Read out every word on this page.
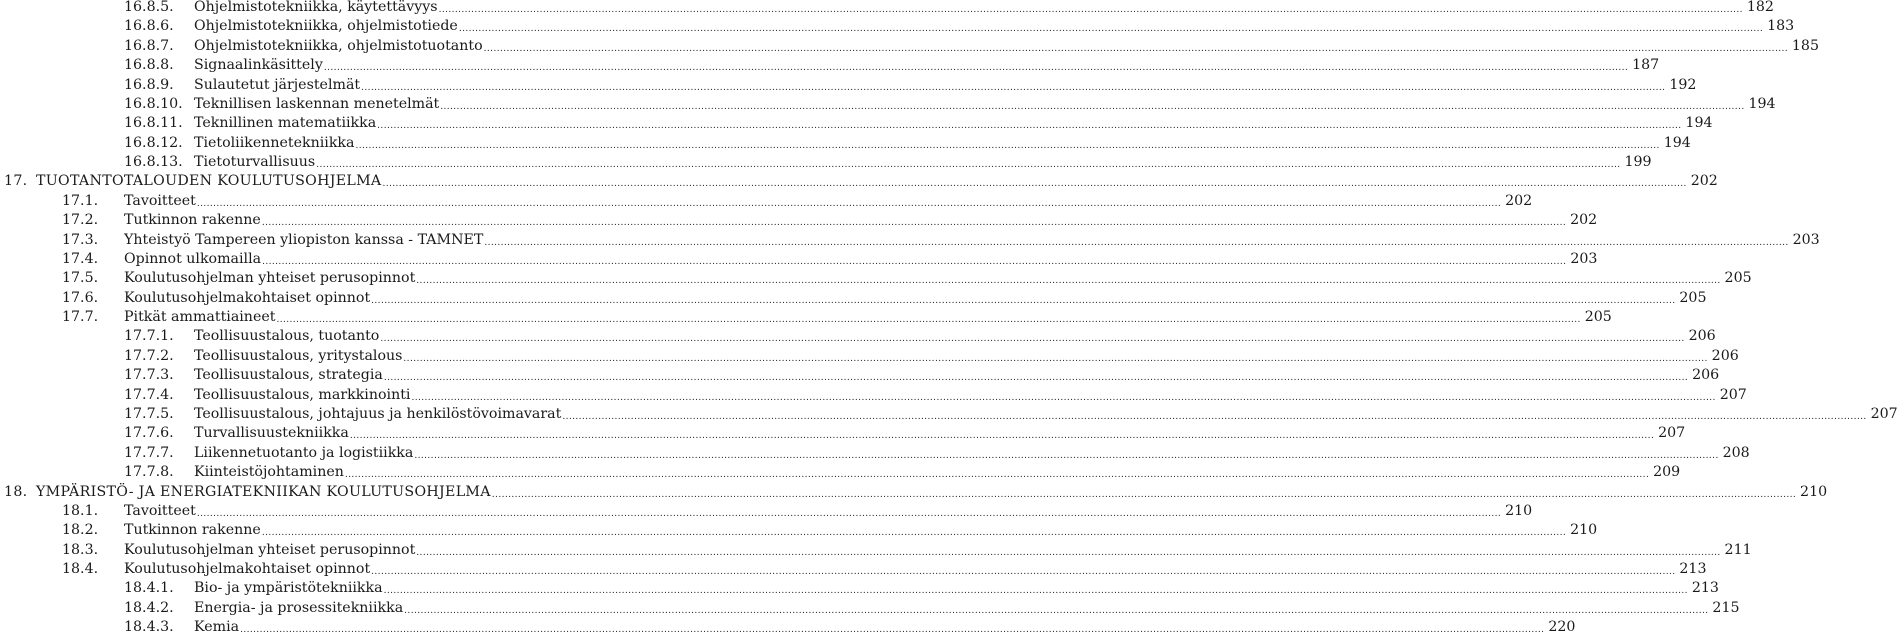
16.8.5. Ohjelmistotekniikka, käytettävyys ................................................................................................................................................................................................................................................................................................................................................................................................................ 182
16.8.6. Ohjelmistotekniikka, ohjelmistotiede ................................................................................................................................................................................................................................................................................................................................................................................................................ 183
16.8.7. Ohjelmistotekniikka, ohjelmistotuotanto ................................................................................................................................................................................................................................................................................................................................................................................................................ 185
16.8.8. Signaalinkäsittely ................................................................................................................................................................................................................................................................................................................................................................................................................ 187
16.8.9. Sulautetut järjestelmät ................................................................................................................................................................................................................................................................................................................................................................................................................ 192
16.8.10. Teknillisen laskennan menetelmät ................................................................................................................................................................................................................................................................................................................................................................................................................ 194
16.8.11. Teknillinen matematiikka ................................................................................................................................................................................................................................................................................................................................................................................................................ 194
16.8.12. Tietoliikennetekniikka ................................................................................................................................................................................................................................................................................................................................................................................................................ 194
16.8.13. Tietoturvallisuus ................................................................................................................................................................................................................................................................................................................................................................................................................ 199
17. TUOTANTOTALOUDEN KOULUTUSOHJELMA ................................................................................................................................................................................................................................................................................................................................................................................................................ 202
17.1. Tavoitteet ................................................................................................................................................................................................................................................................................................................................................................................................................ 202
17.2. Tutkinnon rakenne ................................................................................................................................................................................................................................................................................................................................................................................................................ 202
17.3. Yhteistyö Tampereen yliopiston kanssa - TAMNET ................................................................................................................................................................................................................................................................................................................................................................................................................ 203
17.4. Opinnot ulkomailla ................................................................................................................................................................................................................................................................................................................................................................................................................ 203
17.5. Koulutusohjelman yhteiset perusopinnot ................................................................................................................................................................................................................................................................................................................................................................................................................ 205
17.6. Koulutusohjelmakohtaiset opinnot ................................................................................................................................................................................................................................................................................................................................................................................................................ 205
17.7. Pitkät ammattiaineet ................................................................................................................................................................................................................................................................................................................................................................................................................ 205
17.7.1. Teollisuustalous, tuotanto ................................................................................................................................................................................................................................................................................................................................................................................................................ 206
17.7.2. Teollisuustalous, yritystalous ................................................................................................................................................................................................................................................................................................................................................................................................................ 206
17.7.3. Teollisuustalous, strategia ................................................................................................................................................................................................................................................................................................................................................................................................................ 206
17.7.4. Teollisuustalous, markkinointi ................................................................................................................................................................................................................................................................................................................................................................................................................ 207
17.7.5. Teollisuustalous, johtajuus ja henkilöstövoimavarat ................................................................................................................................................................................................................................................................................................................................................................................................................ 207
17.7.6. Turvallisuustekniikka ................................................................................................................................................................................................................................................................................................................................................................................................................ 207
17.7.7. Liikennetuotanto ja logistiikka ................................................................................................................................................................................................................................................................................................................................................................................................................ 208
17.7.8. Kiinteistöjohtaminen ................................................................................................................................................................................................................................................................................................................................................................................................................ 209
18. YMPÄRISTÖ- JA ENERGIATEKNIIKAN KOULUTUSOHJELMA ................................................................................................................................................................................................................................................................................................................................................................................................................ 210
18.1. Tavoitteet ................................................................................................................................................................................................................................................................................................................................................................................................................ 210
18.2. Tutkinnon rakenne ................................................................................................................................................................................................................................................................................................................................................................................................................ 210
18.3. Koulutusohjelman yhteiset perusopinnot ................................................................................................................................................................................................................................................................................................................................................................................................................ 211
18.4. Koulutusohjelmakohtaiset opinnot ................................................................................................................................................................................................................................................................................................................................................................................................................ 213
18.4.1. Bio- ja ympäristötekniikka ................................................................................................................................................................................................................................................................................................................................................................................................................ 213
18.4.2. Energia- ja prosessitekniikka ................................................................................................................................................................................................................................................................................................................................................................................................................ 215
18.4.3. Kemia ................................................................................................................................................................................................................................................................................................................................................................................................................ 220
